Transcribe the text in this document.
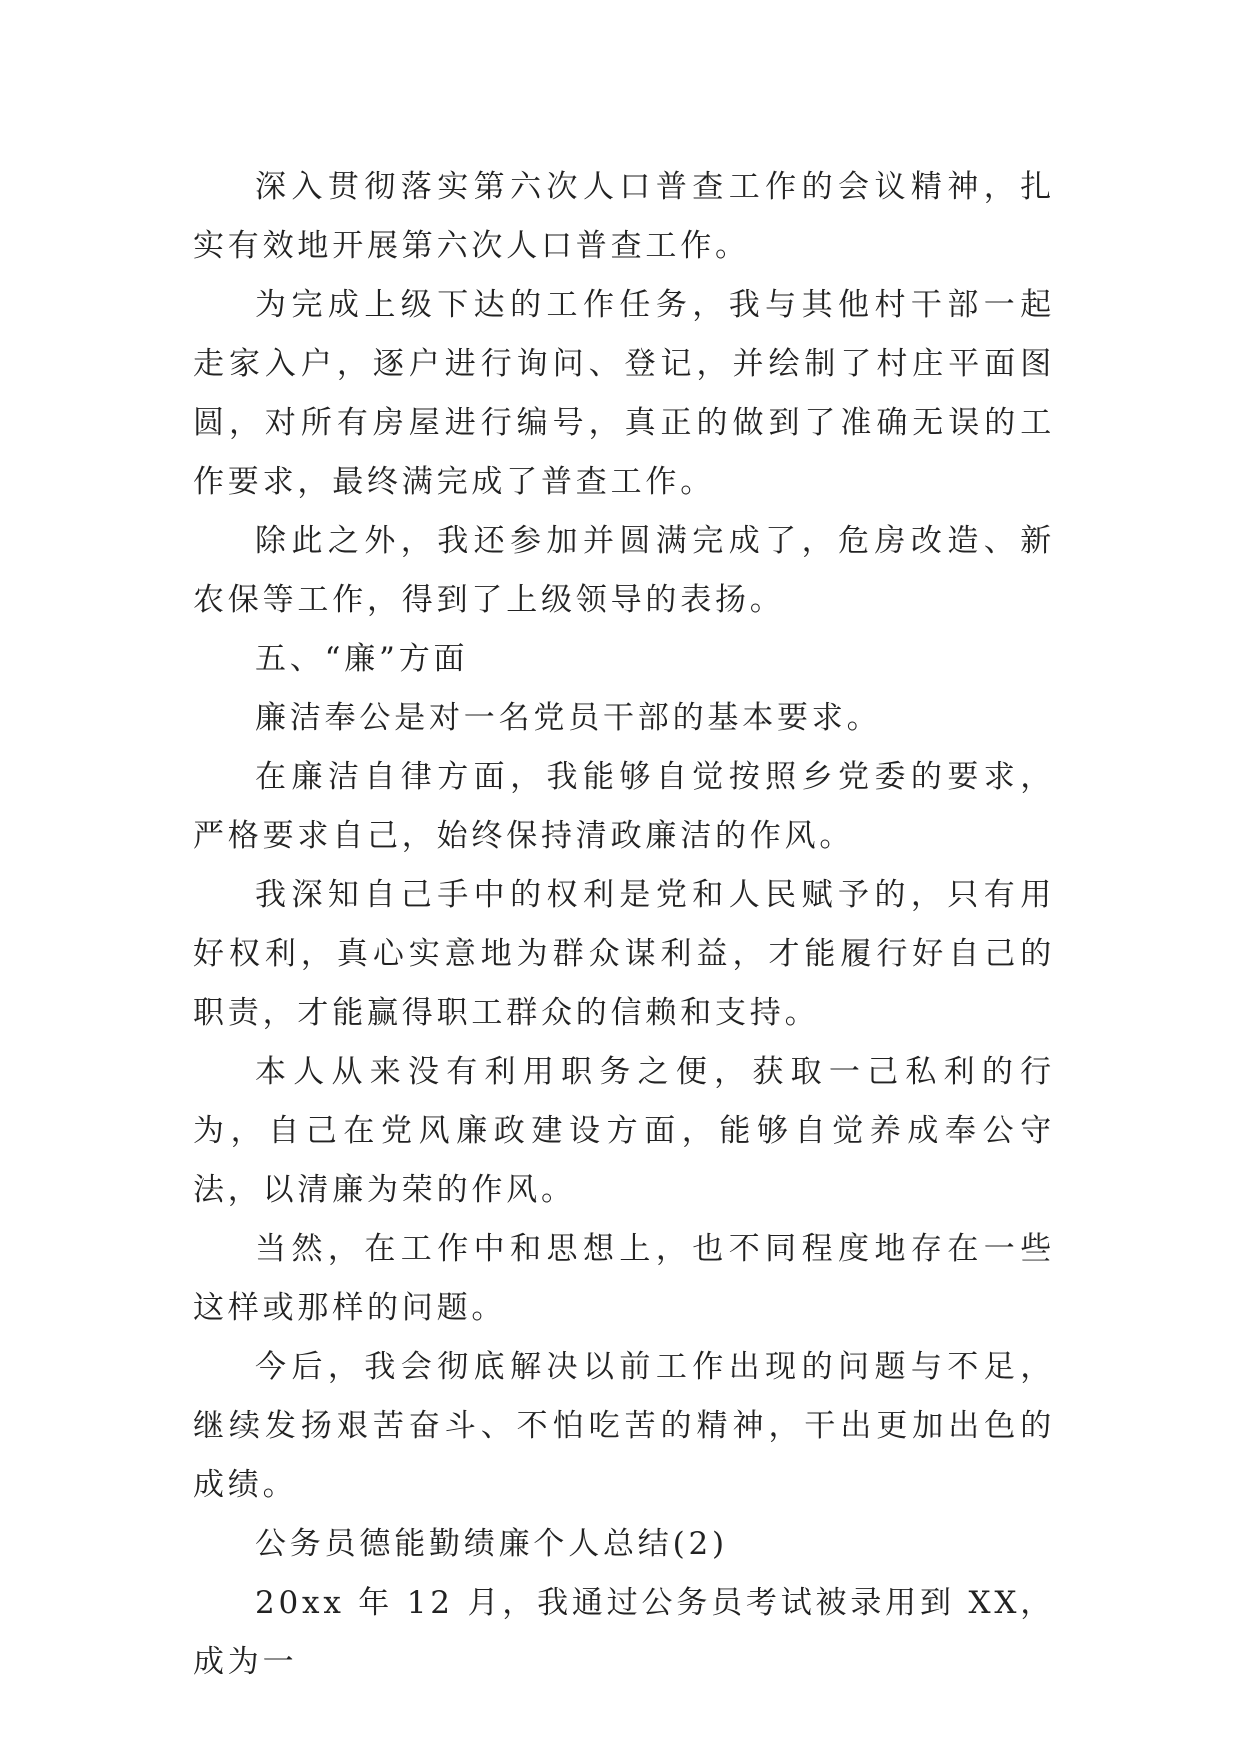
深入贯彻落实第六次人口普查工作的会议精神，扎实有效地开展第六次人口普查工作。

为完成上级下达的工作任务，我与其他村干部一起走家入户，逐户进行询问、登记，并绘制了村庄平面图圆，对所有房屋进行编号，真正的做到了准确无误的工作要求，最终满完成了普查工作。

除此之外，我还参加并圆满完成了，危房改造、新农保等工作，得到了上级领导的表扬。

五、“廉”方面

廉洁奉公是对一名党员干部的基本要求。

在廉洁自律方面，我能够自觉按照乡党委的要求，严格要求自己，始终保持清政廉洁的作风。

我深知自己手中的权利是党和人民赋予的，只有用好权利，真心实意地为群众谋利益，才能履行好自己的职责，才能赢得职工群众的信赖和支持。

本人从来没有利用职务之便，获取一己私利的行为，自己在党风廉政建设方面，能够自觉养成奉公守法，以清廉为荣的作风。

当然，在工作中和思想上，也不同程度地存在一些这样或那样的问题。

今后，我会彻底解决以前工作出现的问题与不足，继续发扬艰苦奋斗、不怕吃苦的精神，干出更加出色的成绩。

公务员德能勤绩廉个人总结(2)

20xx 年 12 月，我通过公务员考试被录用到 XX，成为一
